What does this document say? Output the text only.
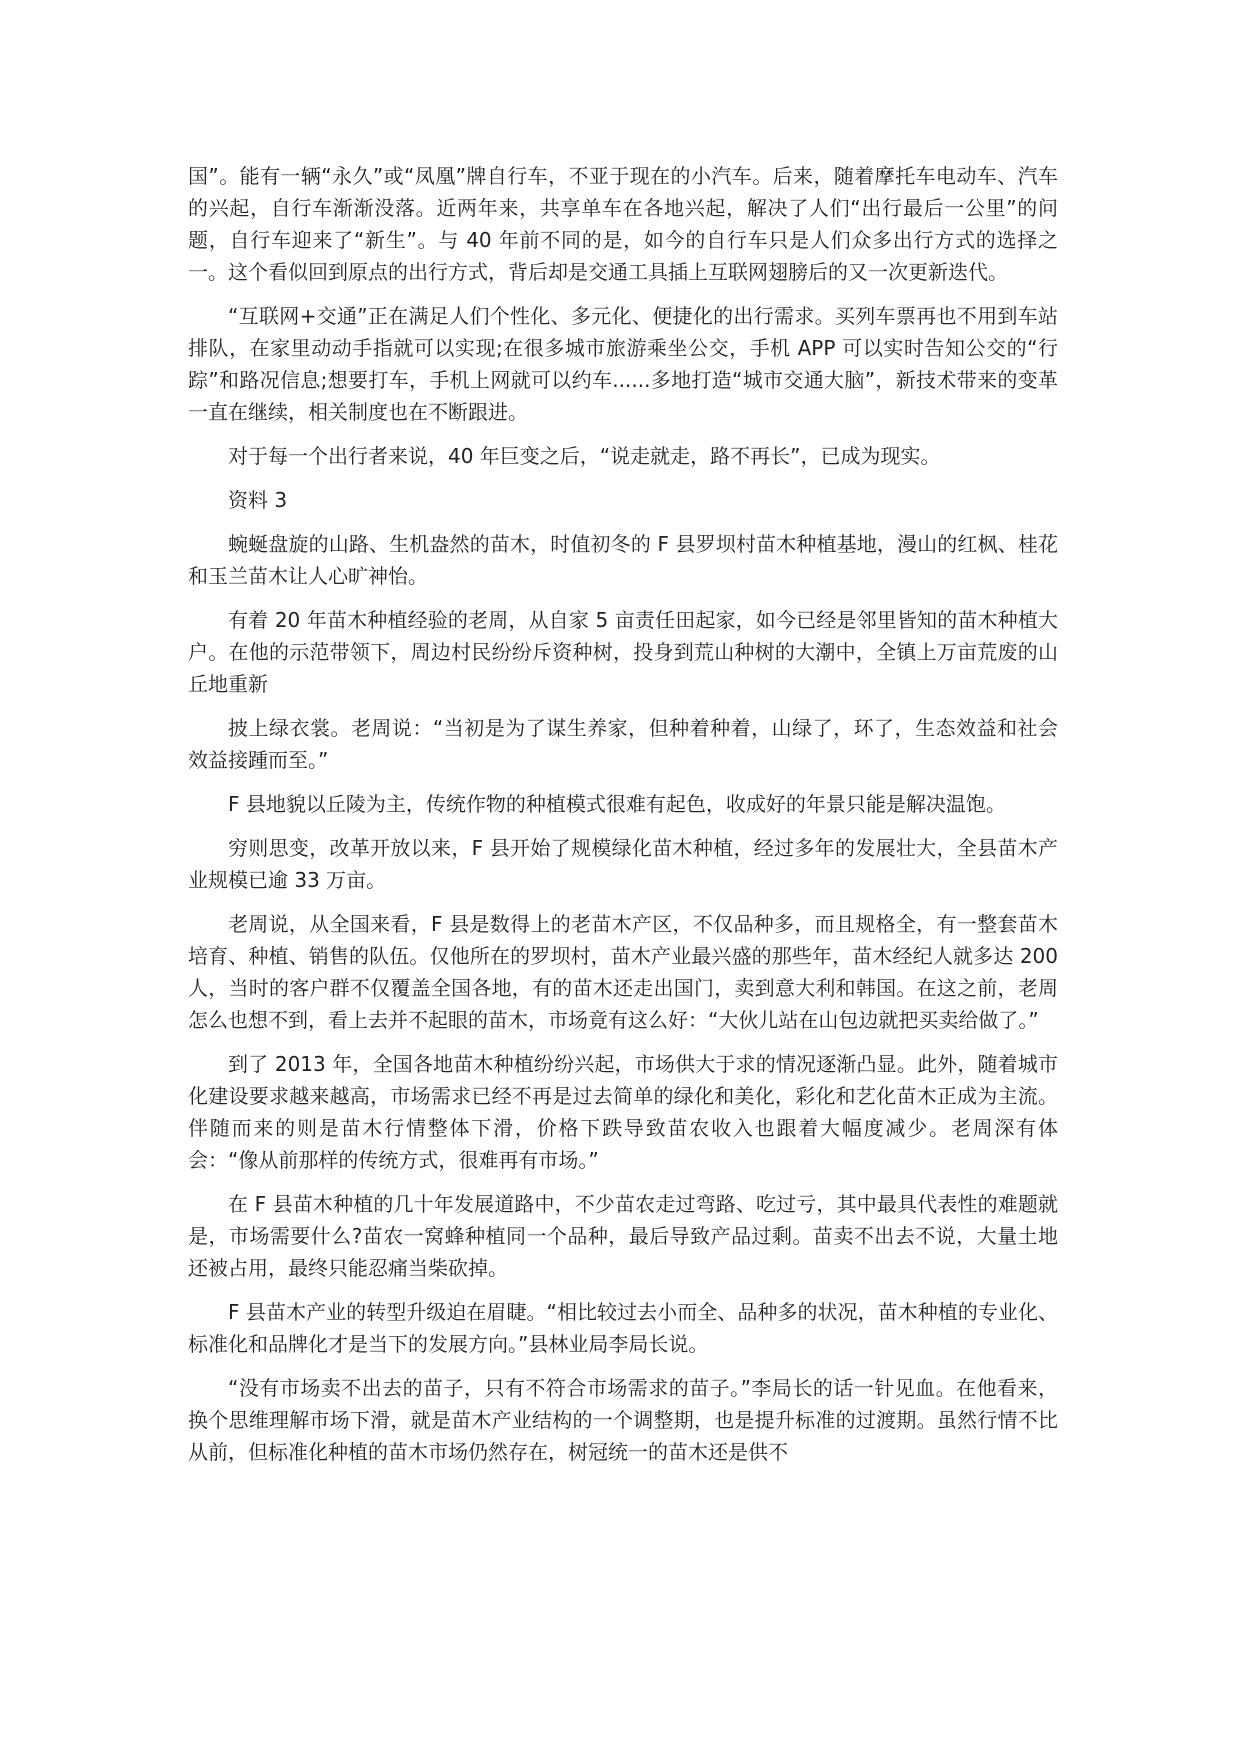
国”。能有一辆“永久”或“凤凰”牌自行车，不亚于现在的小汽车。后来，随着摩托车电动车、汽车的兴起，自行车渐渐没落。近两年来，共享单车在各地兴起，解决了人们“出行最后一公里”的问题，自行车迎来了“新生”。与 40 年前不同的是，如今的自行车只是人们众多出行方式的选择之一。这个看似回到原点的出行方式，背后却是交通工具插上互联网翅膀后的又一次更新迭代。

“互联网+交通”正在满足人们个性化、多元化、便捷化的出行需求。买列车票再也不用到车站排队，在家里动动手指就可以实现;在很多城市旅游乘坐公交，手机 APP 可以实时告知公交的“行踪”和路况信息;想要打车，手机上网就可以约车......多地打造“城市交通大脑”，新技术带来的变革一直在继续，相关制度也在不断跟进。

对于每一个出行者来说，40 年巨变之后，“说走就走，路不再长”，已成为现实。

资料 3

蜿蜒盘旋的山路、生机盎然的苗木，时值初冬的 F 县罗坝村苗木种植基地，漫山的红枫、桂花和玉兰苗木让人心旷神怡。

有着 20 年苗木种植经验的老周，从自家 5 亩责任田起家，如今已经是邻里皆知的苗木种植大户。在他的示范带领下，周边村民纷纷斥资种树，投身到荒山种树的大潮中，全镇上万亩荒废的山丘地重新

披上绿衣裳。老周说：“当初是为了谋生养家，但种着种着，山绿了，环了，生态效益和社会效益接踵而至。”

F 县地貌以丘陵为主，传统作物的种植模式很难有起色，收成好的年景只能是解决温饱。

穷则思变，改革开放以来，F 县开始了规模绿化苗木种植，经过多年的发展壮大，全县苗木产业规模已逾 33 万亩。

老周说，从全国来看，F 县是数得上的老苗木产区，不仅品种多，而且规格全，有一整套苗木培育、种植、销售的队伍。仅他所在的罗坝村，苗木产业最兴盛的那些年，苗木经纪人就多达 200 人，当时的客户群不仅覆盖全国各地，有的苗木还走出国门，卖到意大利和韩国。在这之前，老周怎么也想不到，看上去并不起眼的苗木，市场竟有这么好：“大伙儿站在山包边就把买卖给做了。”

到了 2013 年，全国各地苗木种植纷纷兴起，市场供大于求的情况逐渐凸显。此外，随着城市化建设要求越来越高，市场需求已经不再是过去简单的绿化和美化，彩化和艺化苗木正成为主流。伴随而来的则是苗木行情整体下滑，价格下跌导致苗农收入也跟着大幅度减少。老周深有体会：“像从前那样的传统方式，很难再有市场。”

在 F 县苗木种植的几十年发展道路中，不少苗农走过弯路、吃过亏，其中最具代表性的难题就是，市场需要什么?苗农一窝蜂种植同一个品种，最后导致产品过剩。苗卖不出去不说，大量土地还被占用，最终只能忍痛当柴砍掉。

F 县苗木产业的转型升级迫在眉睫。“相比较过去小而全、品种多的状况，苗木种植的专业化、标准化和品牌化才是当下的发展方向。”县林业局李局长说。

“没有市场卖不出去的苗子，只有不符合市场需求的苗子。”李局长的话一针见血。在他看来，换个思维理解市场下滑，就是苗木产业结构的一个调整期，也是提升标准的过渡期。虽然行情不比从前，但标准化种植的苗木市场仍然存在，树冠统一的苗木还是供不
